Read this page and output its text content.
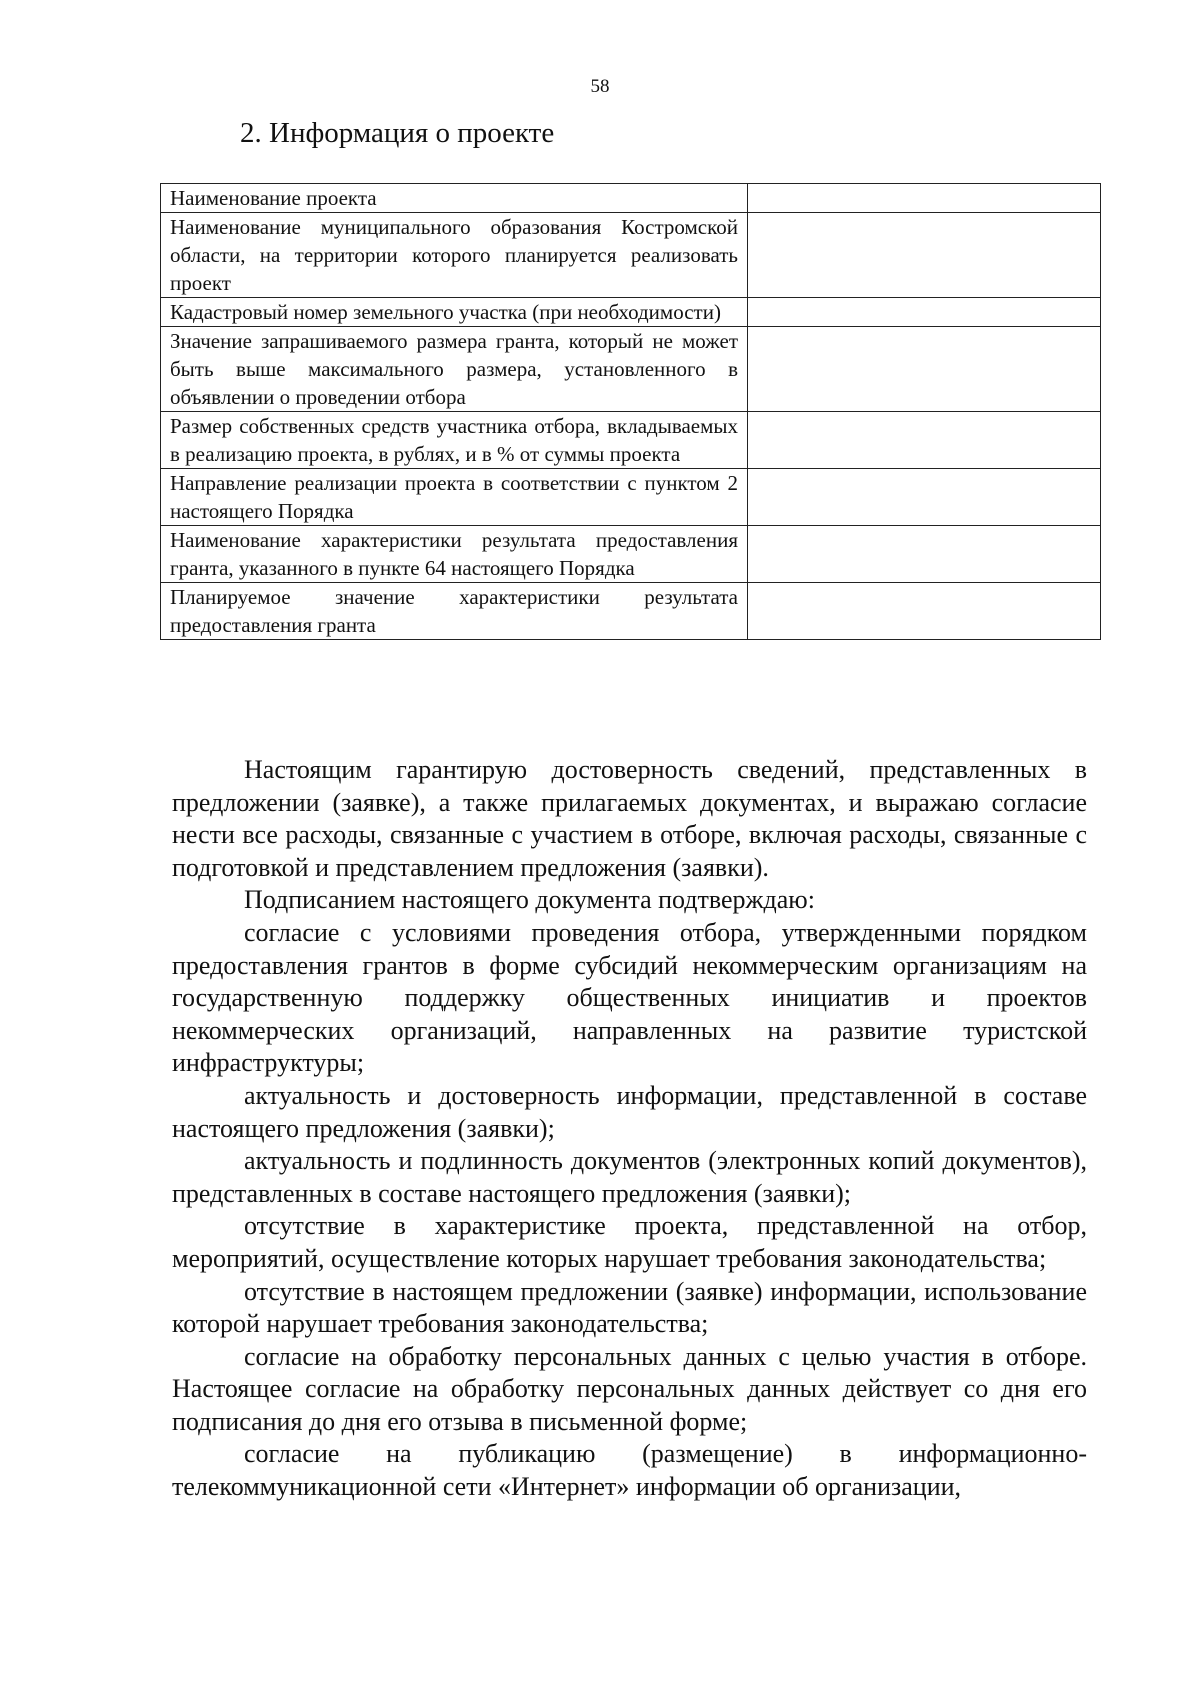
58
2. Информация о проекте
Наименование проекта	
Наименование муниципального образования Костромской области, на территории которого планируется реализовать проект	
Кадастровый номер земельного участка (при необходимости)	
Значение запрашиваемого размера гранта, который не может быть выше максимального размера, установленного в объявлении о проведении отбора	
Размер собственных средств участника отбора, вкладываемых в реализацию проекта, в рублях, и в % от суммы проекта	
Направление реализации проекта в соответствии с пунктом 2 настоящего Порядка	
Наименование характеристики результата предоставления гранта, указанного в пункте 64 настоящего Порядка	
Планируемое значение характеристики результата предоставления гранта	

Настоящим гарантирую достоверность сведений, представленных в предложении (заявке), а также прилагаемых документах, и выражаю согласие нести все расходы, связанные с участием в отборе, включая расходы, связанные с подготовкой и представлением предложения (заявки).

Подписанием настоящего документа подтверждаю:

согласие с условиями проведения отбора, утвержденными порядком предоставления грантов в форме субсидий некоммерческим организациям на государственную поддержку общественных инициатив и проектов некоммерческих организаций, направленных на развитие туристской инфраструктуры;

актуальность и достоверность информации, представленной в составе настоящего предложения (заявки);

актуальность и подлинность документов (электронных копий документов), представленных в составе настоящего предложения (заявки);

отсутствие в характеристике проекта, представленной на отбор, мероприятий, осуществление которых нарушает требования законодательства;

отсутствие в настоящем предложении (заявке) информации, использование которой нарушает требования законодательства;

согласие на обработку персональных данных с целью участия в отборе. Настоящее согласие на обработку персональных данных действует со дня его подписания до дня его отзыва в письменной форме;

согласие на публикацию (размещение) в информационно-телекоммуникационной сети «Интернет» информации об организации,
